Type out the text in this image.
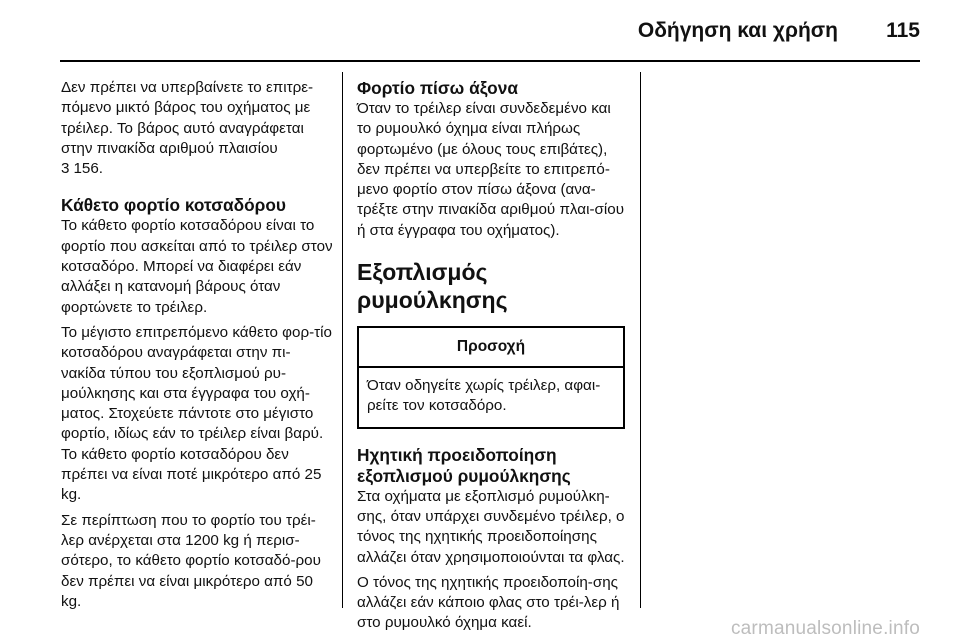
Οδήγηση και χρήση 115

Δεν πρέπει να υπερβαίνετε το επιτρε-πόμενο μικτό βάρος του οχήματος με τρέιλερ. Το βάρος αυτό αναγράφεται στην πινακίδα αριθμού πλαισίου
3 156.

Κάθετο φορτίο κοτσαδόρου

Το κάθετο φορτίο κοτσαδόρου είναι το φορτίο που ασκείται από το τρέιλερ στον κοτσαδόρο. Μπορεί να διαφέρει εάν αλλάξει η κατανομή βάρους όταν φορτώνετε το τρέιλερ.

Το μέγιστο επιτρεπόμενο κάθετο φορ-τίο κοτσαδόρου αναγράφεται στην πι-νακίδα τύπου του εξοπλισμού ρυ-μούλκησης και στα έγγραφα του οχή-ματος. Στοχεύετε πάντοτε στο μέγιστο φορτίο, ιδίως εάν το τρέιλερ είναι βαρύ. Το κάθετο φορτίο κοτσαδόρου δεν πρέπει να είναι ποτέ μικρότερο από 25 kg.

Σε περίπτωση που το φορτίο του τρέι-λερ ανέρχεται στα 1200 kg ή περισ-σότερο, το κάθετο φορτίο κοτσαδό-ρου δεν πρέπει να είναι μικρότερο από 50 kg.

Φορτίο πίσω άξονα

Όταν το τρέιλερ είναι συνδεδεμένο και το ρυμουλκό όχημα είναι πλήρως φορτωμένο (με όλους τους επιβάτες), δεν πρέπει να υπερβείτε το επιτρεπό-μενο φορτίο στον πίσω άξονα (ανα-τρέξτε στην πινακίδα αριθμού πλαι-σίου ή στα έγγραφα του οχήματος).

Εξοπλισμός ρυμούλκησης
Προσοχή
Όταν οδηγείτε χωρίς τρέιλερ, αφαι-ρείτε τον κοτσαδόρο.
Ηχητική προειδοποίηση εξοπλισμού ρυμούλκησης

Στα οχήματα με εξοπλισμό ρυμούλκη-σης, όταν υπάρχει συνδεμένο τρέιλερ, ο τόνος της ηχητικής προειδοποίησης αλλάζει όταν χρησιμοποιούνται τα φλας.

Ο τόνος της ηχητικής προειδοποίη-σης αλλάζει εάν κάποιο φλας στο τρέι-λερ ή στο ρυμουλκό όχημα καεί.	carmanualsonline.info
